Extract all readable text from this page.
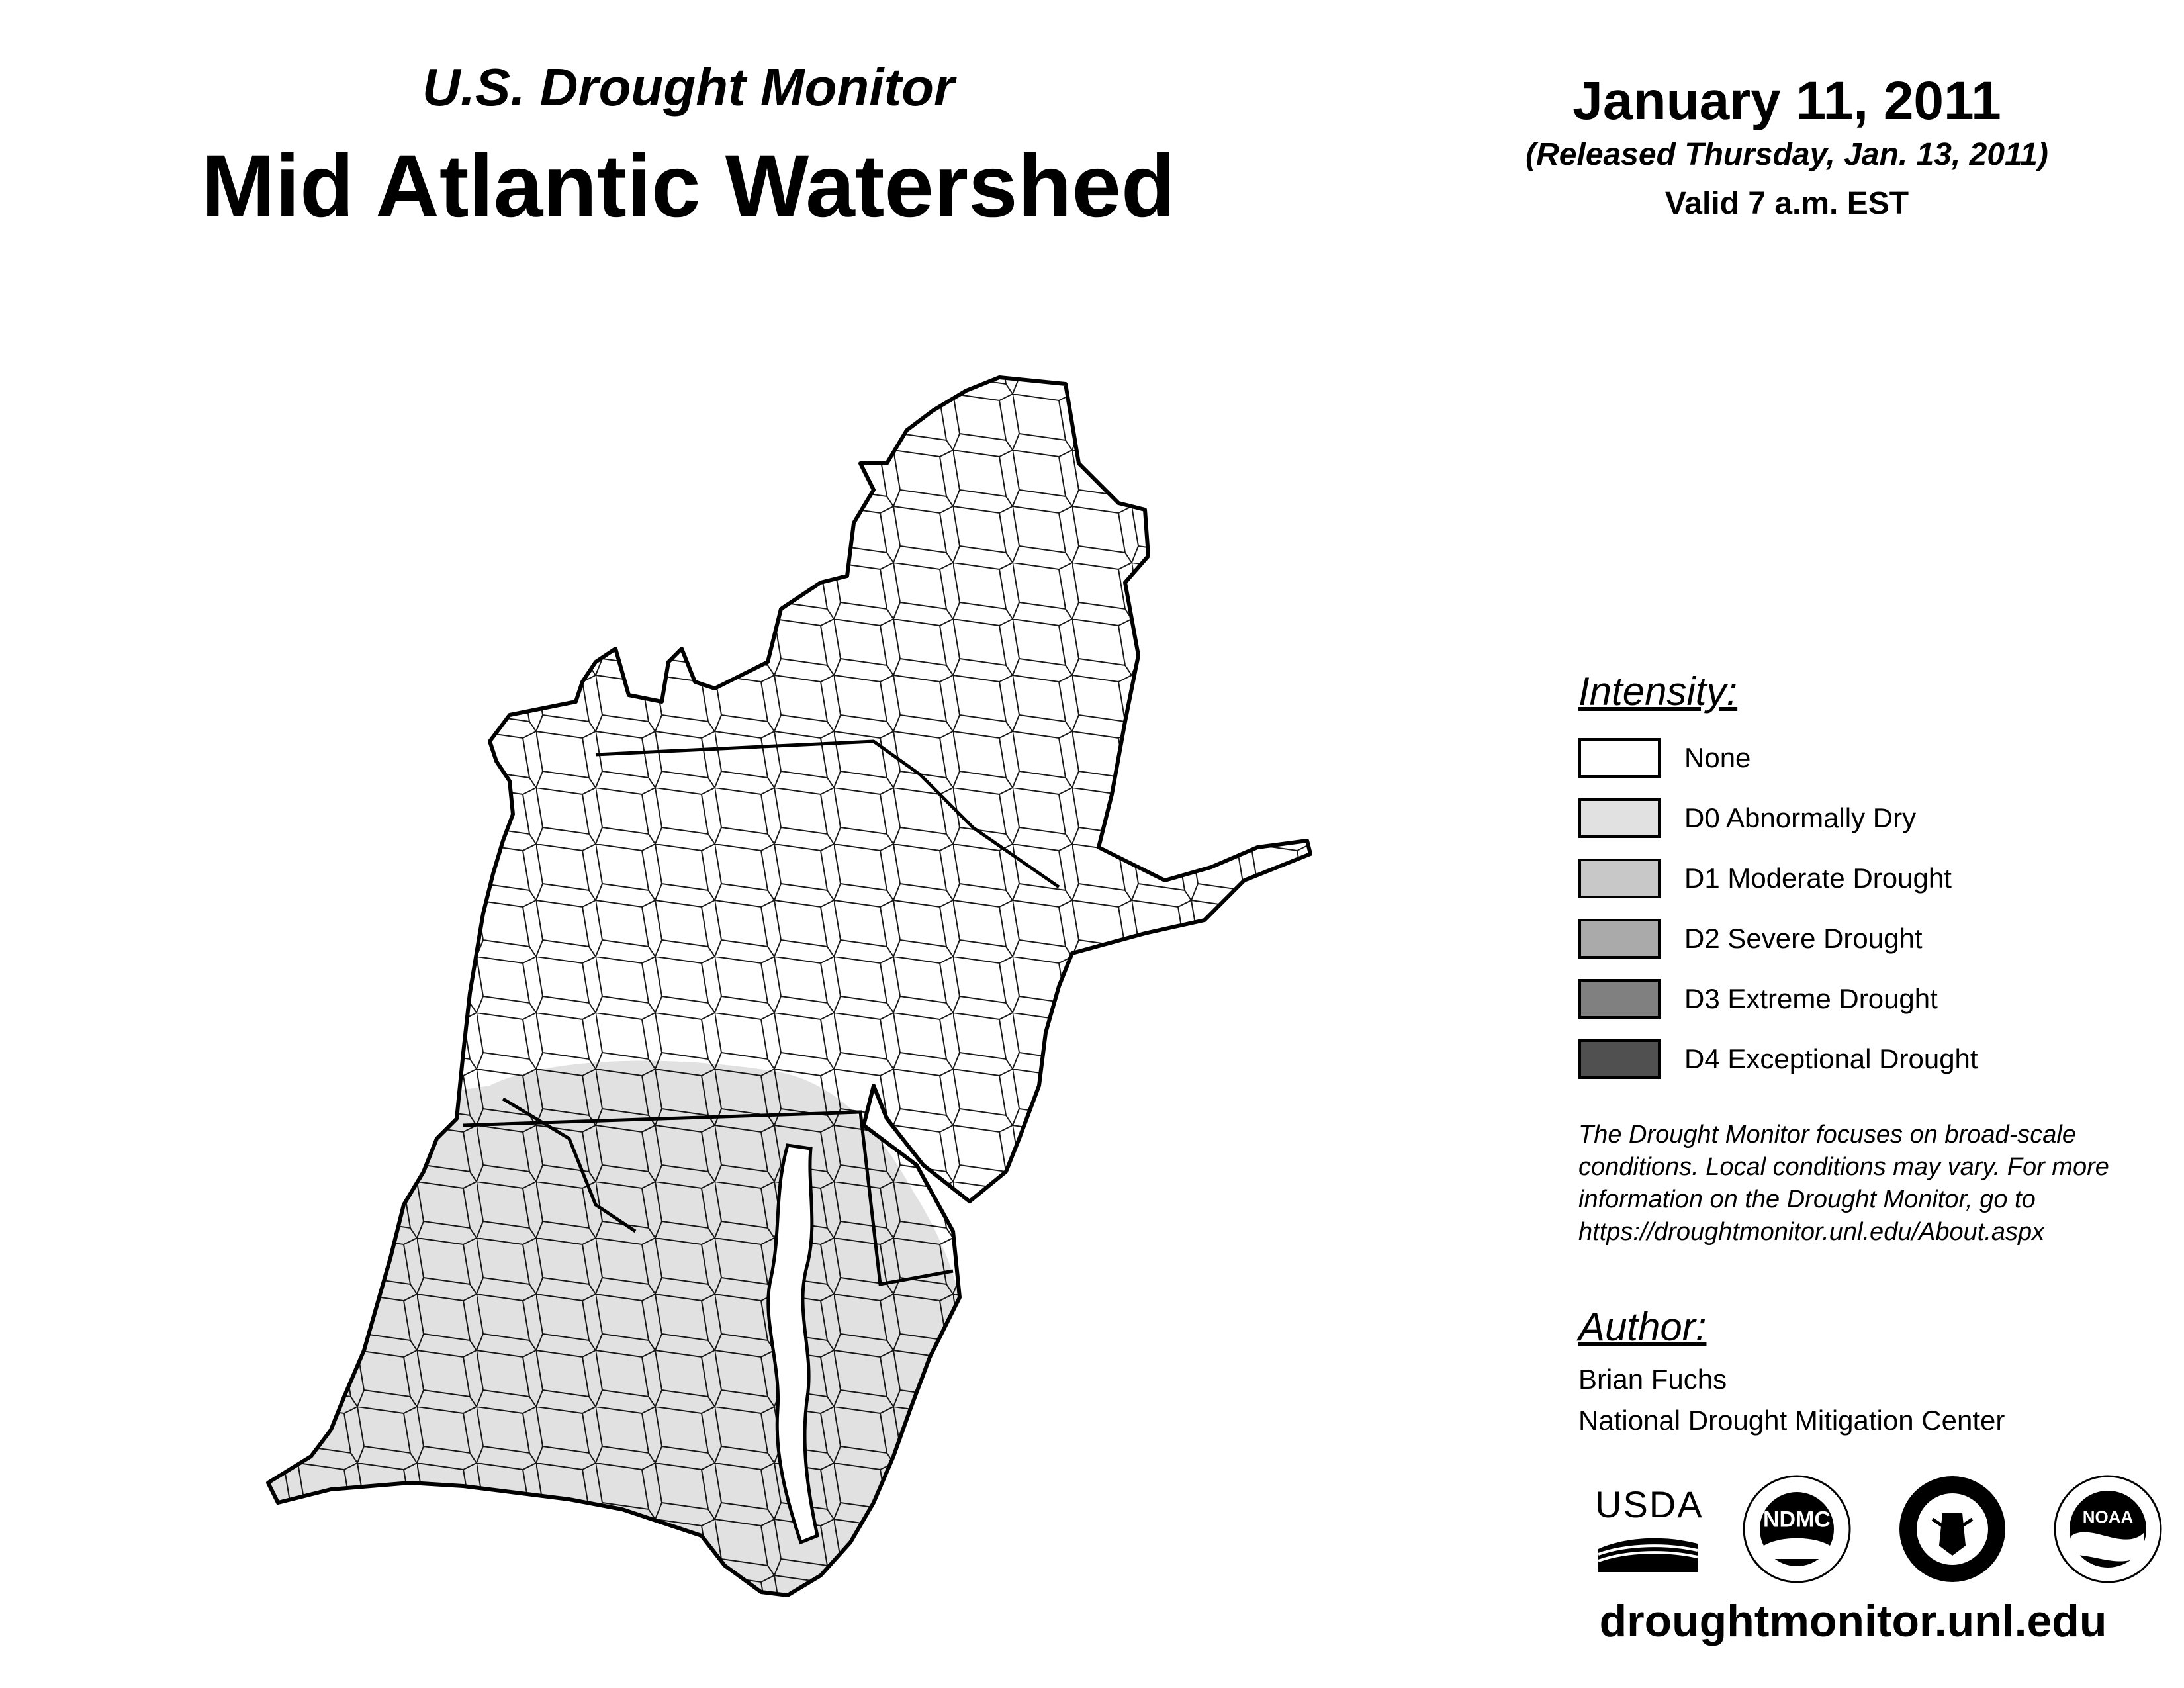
U.S. Drought Monitor
Mid Atlantic Watershed
January 11, 2011
(Released Thursday, Jan. 13, 2011)
Valid 7 a.m. EST
Intensity:
None
D0 Abnormally Dry
D1 Moderate Drought
D2 Severe Drought
D3 Extreme Drought
D4 Exceptional Drought
The Drought Monitor focuses on broad-scale conditions. Local conditions may vary. For more information on the Drought Monitor, go to https://droughtmonitor.unl.edu/About.aspx
Author:
Brian Fuchs
National Drought Mitigation Center
USDA	NDMC	NOAA
droughtmonitor.unl.edu
